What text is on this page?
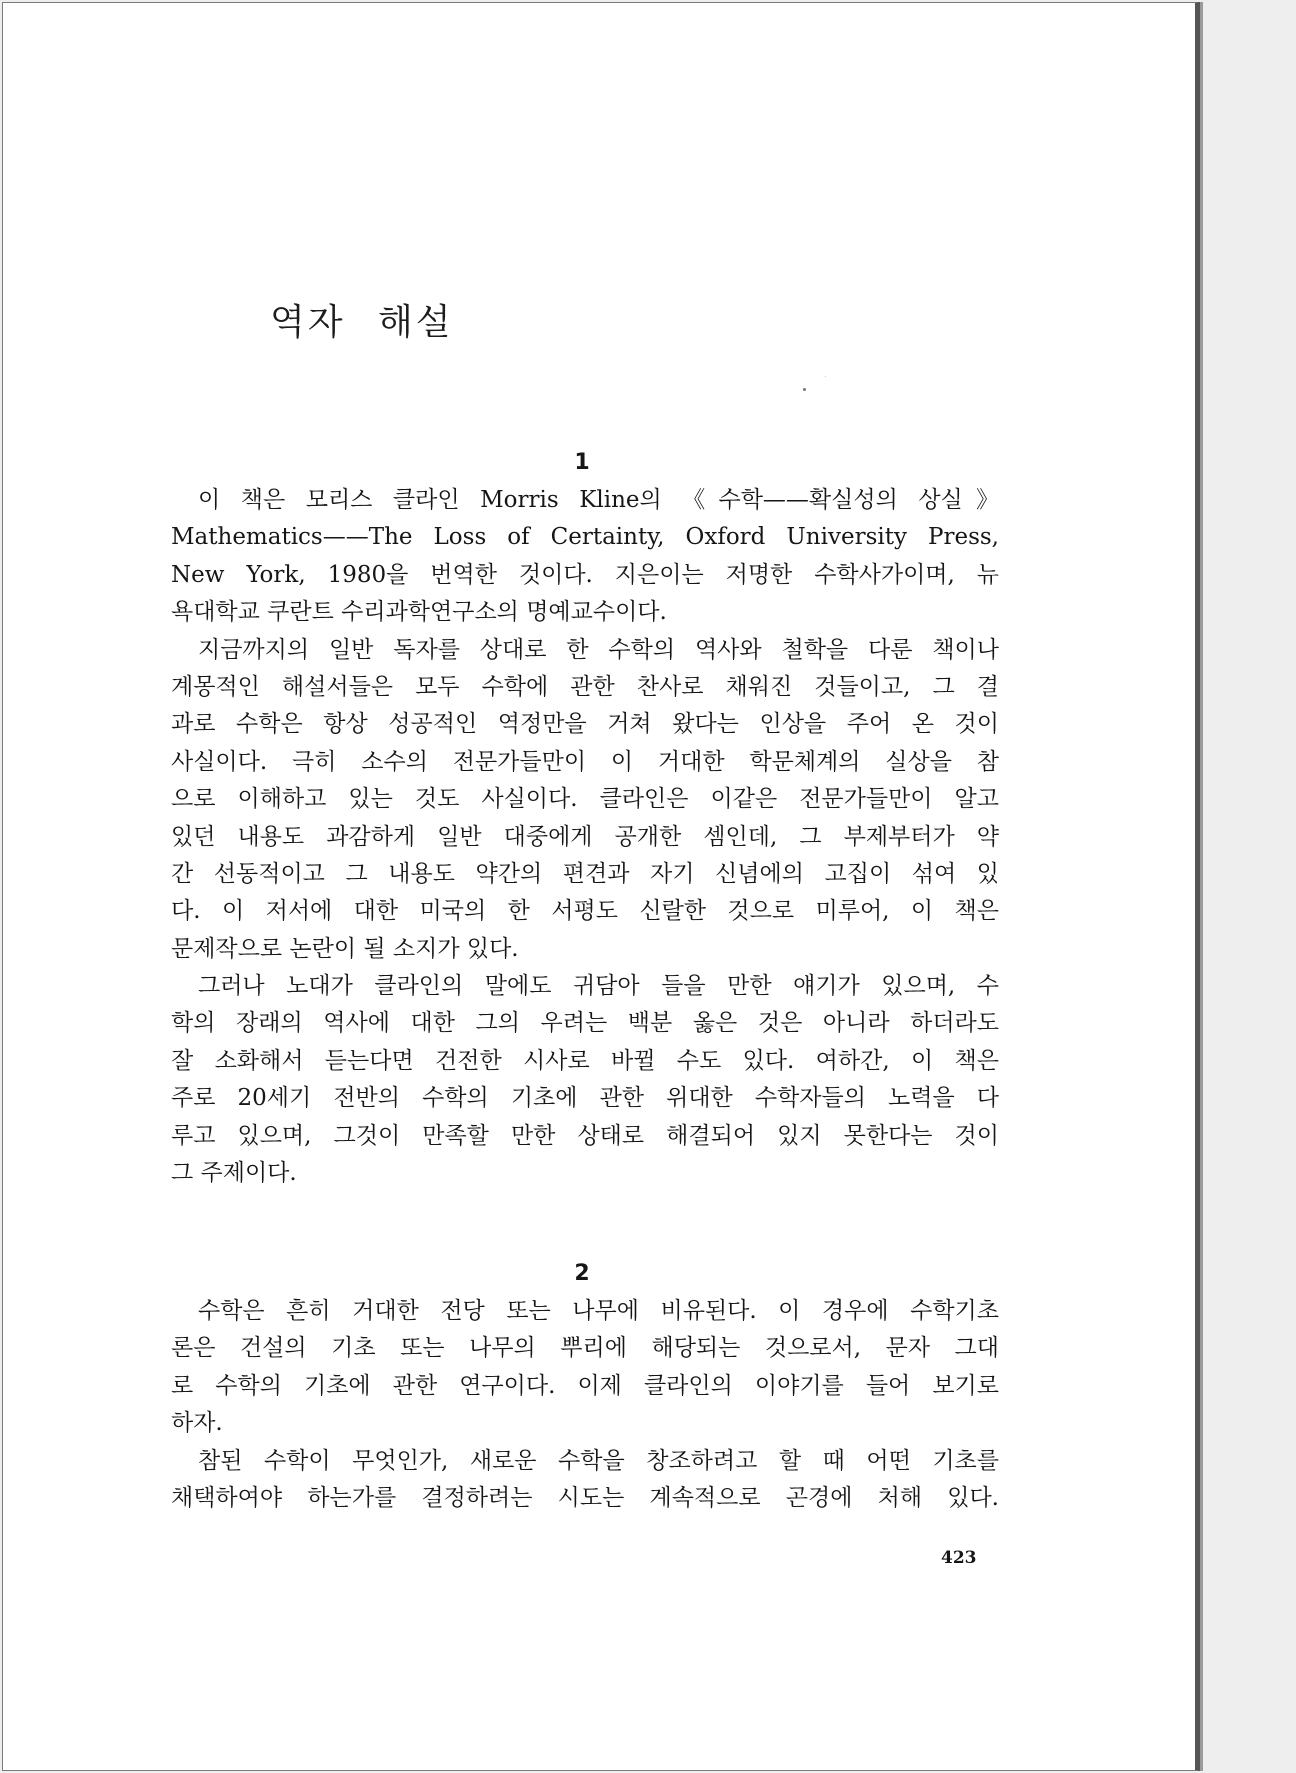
역자 해설

1

이 책은 모리스 클라인 Morris Kline의 《수학——확실성의 상실》
Mathematics——The Loss of Certainty, Oxford University Press,
New York, 1980을 번역한 것이다. 지은이는 저명한 수학사가이며, 뉴
욕대학교 쿠란트 수리과학연구소의 명예교수이다.
지금까지의 일반 독자를 상대로 한 수학의 역사와 철학을 다룬 책이나
계몽적인 해설서들은 모두 수학에 관한 찬사로 채워진 것들이고, 그 결
과로 수학은 항상 성공적인 역정만을 거쳐 왔다는 인상을 주어 온 것이
사실이다. 극히 소수의 전문가들만이 이 거대한 학문체계의 실상을 참
으로 이해하고 있는 것도 사실이다. 클라인은 이같은 전문가들만이 알고
있던 내용도 과감하게 일반 대중에게 공개한 셈인데, 그 부제부터가 약
간 선동적이고 그 내용도 약간의 편견과 자기 신념에의 고집이 섞여 있
다. 이 저서에 대한 미국의 한 서평도 신랄한 것으로 미루어, 이 책은
문제작으로 논란이 될 소지가 있다.
그러나 노대가 클라인의 말에도 귀담아 들을 만한 얘기가 있으며, 수
학의 장래의 역사에 대한 그의 우려는 백분 옳은 것은 아니라 하더라도
잘 소화해서 듣는다면 건전한 시사로 바뀔 수도 있다. 여하간, 이 책은
주로 20세기 전반의 수학의 기초에 관한 위대한 수학자들의 노력을 다
루고 있으며, 그것이 만족할 만한 상태로 해결되어 있지 못한다는 것이
그 주제이다.

2

수학은 흔히 거대한 전당 또는 나무에 비유된다. 이 경우에 수학기초
론은 건설의 기초 또는 나무의 뿌리에 해당되는 것으로서, 문자 그대
로 수학의 기초에 관한 연구이다. 이제 클라인의 이야기를 들어 보기로
하자.
참된 수학이 무엇인가, 새로운 수학을 창조하려고 할 때 어떤 기초를
채택하여야 하는가를 결정하려는 시도는 계속적으로 곤경에 처해 있다.

423
